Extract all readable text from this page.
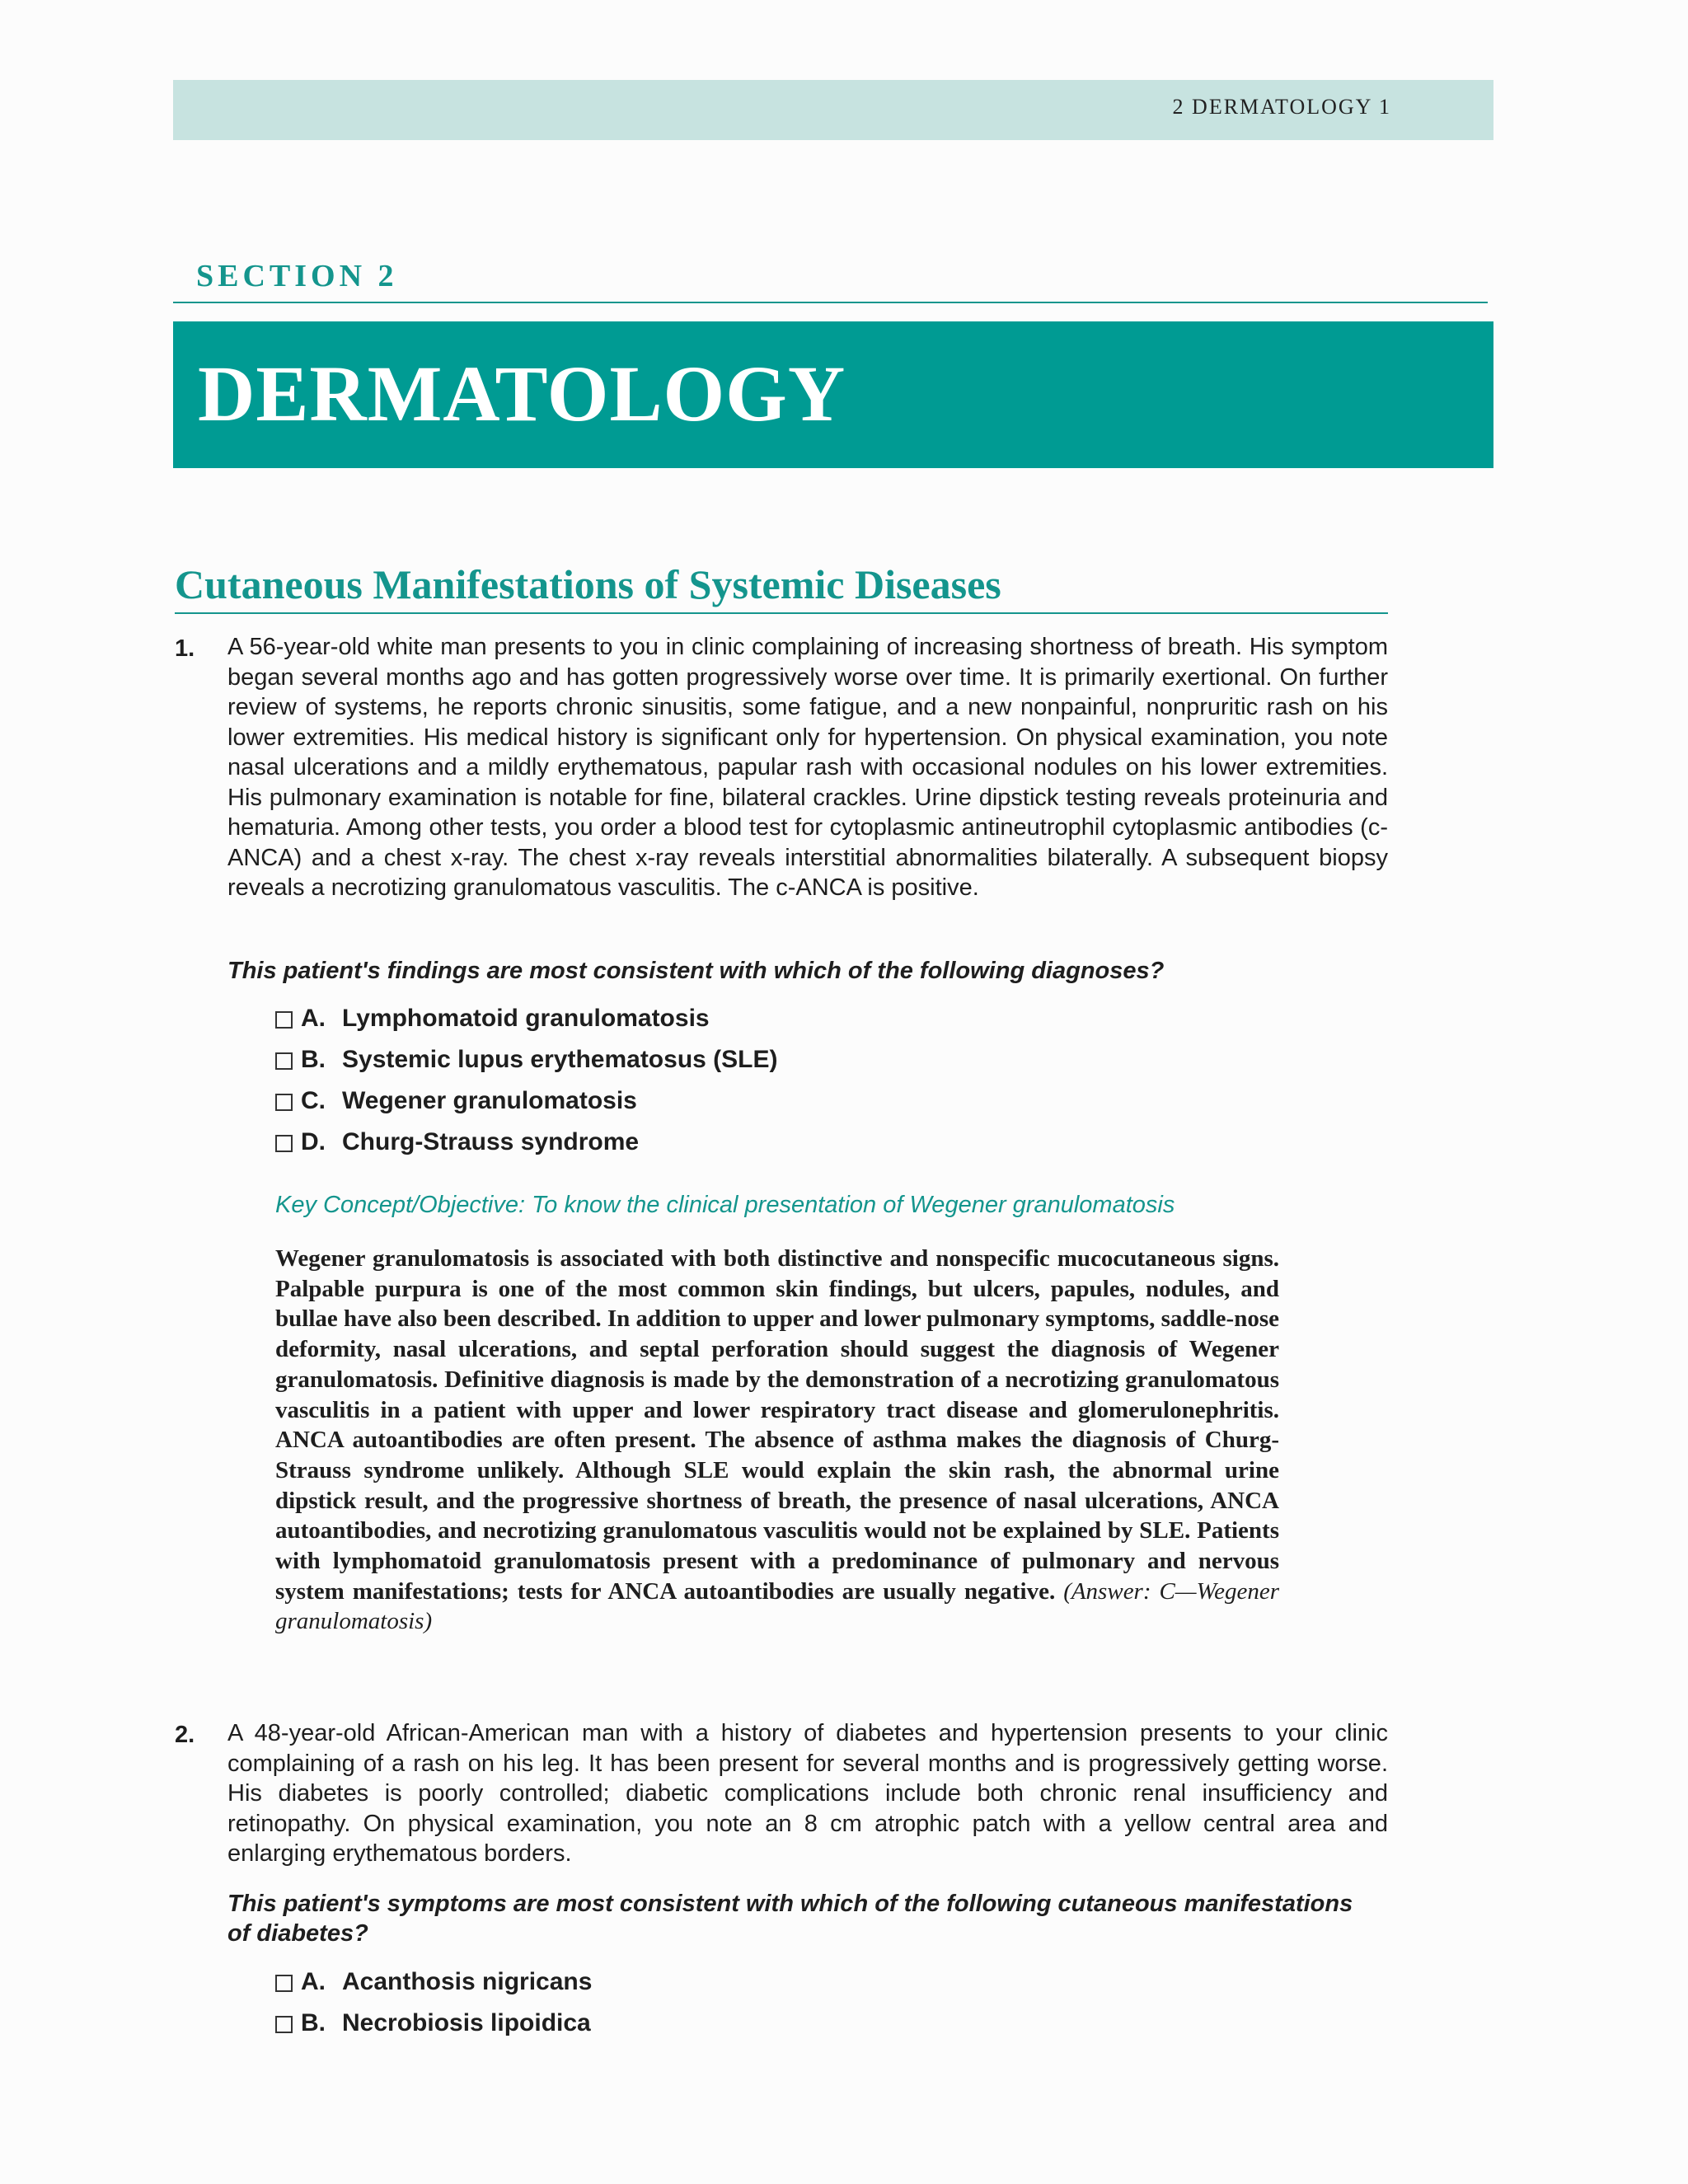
2 DERMATOLOGY 1
SECTION 2
DERMATOLOGY
Cutaneous Manifestations of Systemic Diseases
1. A 56-year-old white man presents to you in clinic complaining of increasing shortness of breath. His symptom began several months ago and has gotten progressively worse over time. It is primarily exertional. On further review of systems, he reports chronic sinusitis, some fatigue, and a new nonpainful, nonpruritic rash on his lower extremities. His medical history is significant only for hypertension. On physical examination, you note nasal ulcerations and a mildly erythematous, papular rash with occasional nodules on his lower extremities. His pulmonary examination is notable for fine, bilateral crackles. Urine dipstick testing reveals proteinuria and hematuria. Among other tests, you order a blood test for cytoplasmic antineutrophil cytoplasmic antibodies (c-ANCA) and a chest x-ray. The chest x-ray reveals interstitial abnormalities bilaterally. A subsequent biopsy reveals a necrotizing granulomatous vasculitis. The c-ANCA is positive.

This patient's findings are most consistent with which of the following diagnoses?

A. Lymphomatoid granulomatosis
B. Systemic lupus erythematosus (SLE)
C. Wegener granulomatosis
D. Churg-Strauss syndrome
Key Concept/Objective: To know the clinical presentation of Wegener granulomatosis

Wegener granulomatosis is associated with both distinctive and nonspecific mucocutaneous signs. Palpable purpura is one of the most common skin findings, but ulcers, papules, nodules, and bullae have also been described. In addition to upper and lower pulmonary symptoms, saddle-nose deformity, nasal ulcerations, and septal perforation should suggest the diagnosis of Wegener granulomatosis. Definitive diagnosis is made by the demonstration of a necrotizing granulomatous vasculitis in a patient with upper and lower respiratory tract disease and glomerulonephritis. ANCA autoantibodies are often present. The absence of asthma makes the diagnosis of Churg-Strauss syndrome unlikely. Although SLE would explain the skin rash, the abnormal urine dipstick result, and the progressive shortness of breath, the presence of nasal ulcerations, ANCA autoantibodies, and necrotizing granulomatous vasculitis would not be explained by SLE. Patients with lymphomatoid granulomatosis present with a predominance of pulmonary and nervous system manifestations; tests for ANCA autoantibodies are usually negative. (Answer: C—Wegener granulomatosis)

2. A 48-year-old African-American man with a history of diabetes and hypertension presents to your clinic complaining of a rash on his leg. It has been present for several months and is progressively getting worse. His diabetes is poorly controlled; diabetic complications include both chronic renal insufficiency and retinopathy. On physical examination, you note an 8 cm atrophic patch with a yellow central area and enlarging erythematous borders.

This patient's symptoms are most consistent with which of the following cutaneous manifestations of diabetes?

A. Acanthosis nigricans
B. Necrobiosis lipoidica
